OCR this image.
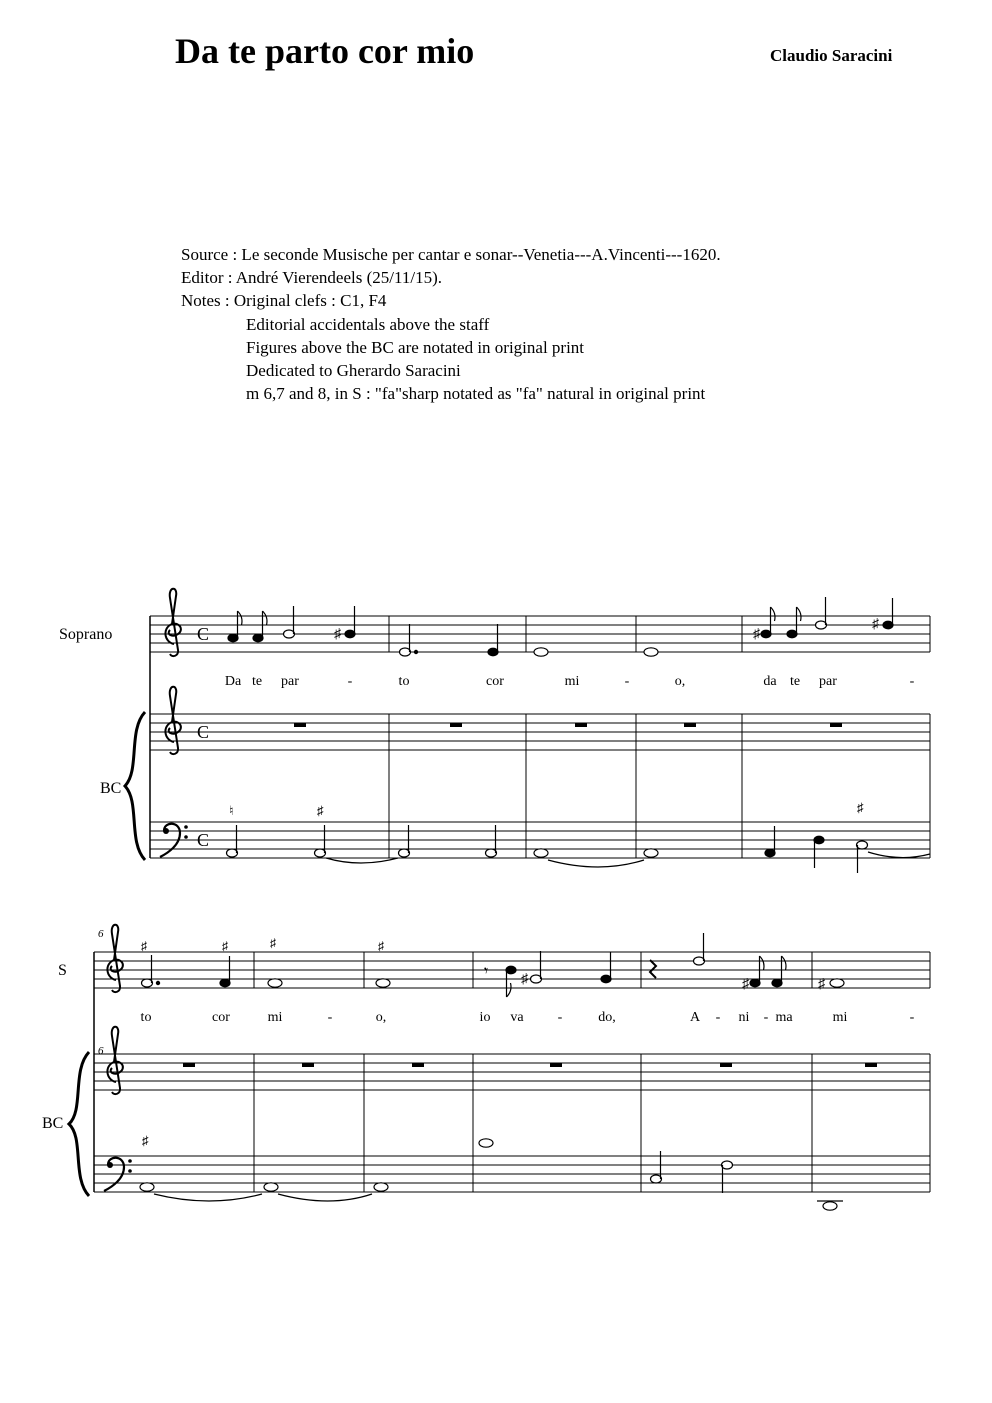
Da te parto cor mio	Claudio Saracini
Source : Le seconde Musische per cantar e sonar--Venetia---A.Vincenti---1620.
Editor : André Vierendeels (25/11/15).
Notes : Original clefs : C1, F4
Editorial accidentals above the staff
Figures above the BC are notated in original print
Dedicated to Gherardo Saracini
m 6,7 and 8, in S : "fa"sharp notated as "fa" natural in original print
Soprano
BC
Da te par	-	to	cor	mi	-	o,	da te par	-
6
6
S
BC
to	cor	mi	-	o,	io va -	do,	A - ni - ma	mi	-
C	♯	♯
♯
C
C
♮	♯	♯
♯	♯	♯	♯
𝄾 ♯	♯	♯
♯
